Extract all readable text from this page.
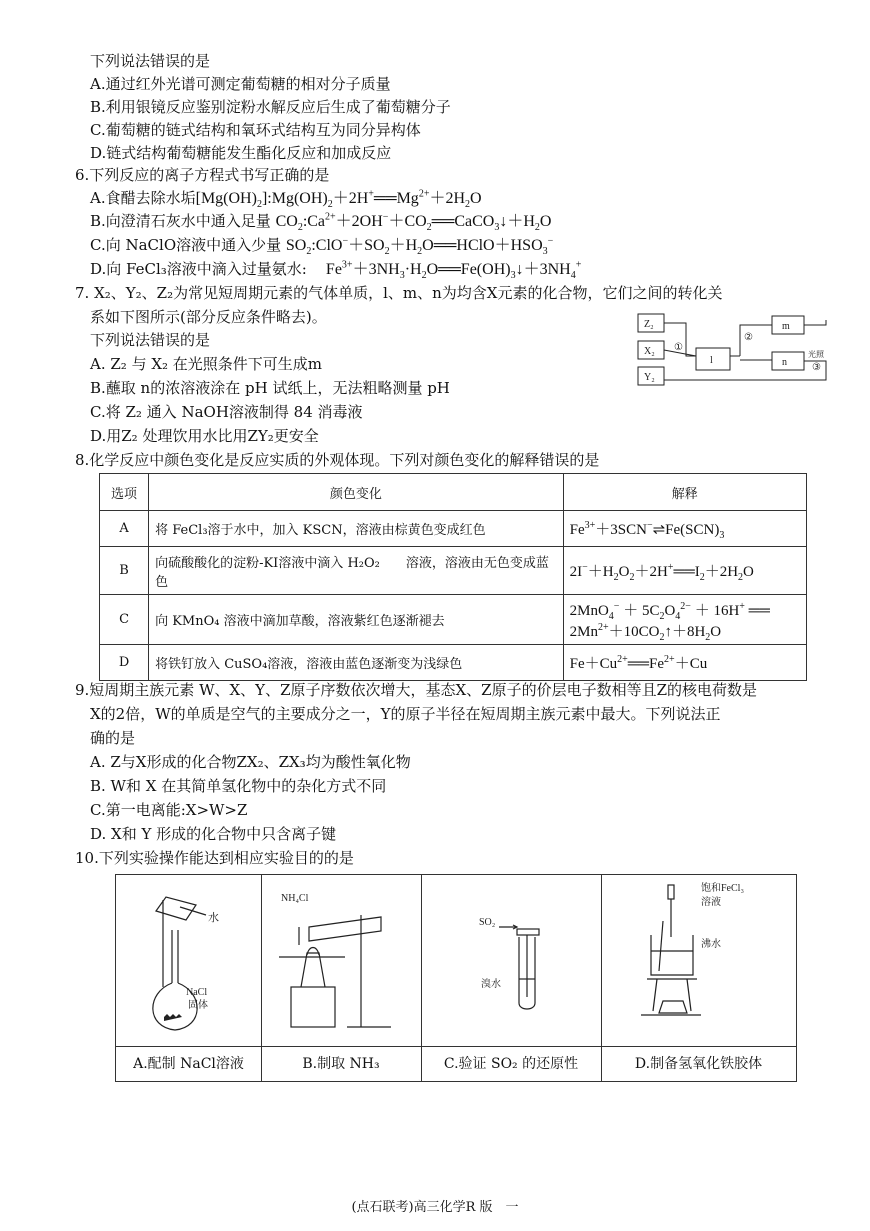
下列说法错误的是
A.通过红外光谱可测定葡萄糖的相对分子质量
B.利用银镜反应鉴别淀粉水解反应后生成了葡萄糖分子
C.葡萄糖的链式结构和氧环式结构互为同分异构体
D.链式结构葡萄糖能发生酯化反应和加成反应
6.下列反应的离子方程式书写正确的是
A.食醋去除水垢$[Mg(OH)_2]:Mg(OH)_2+2H^+══Mg^{2+}+2H_2O$
B.向澄清石灰水中通入足量 $CO_2:Ca^{2+}+2OH^-+CO_2══CaCO_3↓+H_2O$
C.向 NaClO溶液中通入少量 $SO_2:ClO^-+SO_2+H_2O══HClO+HSO_3^-$
D.向 FeCl₃溶液中滴入过量氨水: $Fe^{3+}+3NH_3\cdot H_2O══Fe(OH)_3↓+3NH_4^+$
7. X₂、Y₂、Z₂为常见短周期元素的气体单质，l、m、n为均含X元素的化合物，它们之间的转化关
系如下图所示(部分反应条件略去)。
下列说法错误的是
A. Z₂ 与 X₂ 在光照条件下可生成m
B.蘸取 n的浓溶液涂在 pH 试纸上，无法粗略测量 pH
C.将 Z₂ 通入 NaOH溶液制得 84 消毒液
D.用Z₂ 处理饮用水比用ZY₂更安全
Z₂
X₂
Y₂
l
m
n
①
②
光照
③
8.化学反应中颜色变化是反应实质的外观体现。下列对颜色变化的解释错误的是
选项	颜色变化	解释
A	将 FeCl₃溶于水中，加入 KSCN，溶液由棕黄色变成红色	$Fe^{3+}+3SCN^-\rightleftharpoons Fe(SCN)_3$
B	向硫酸酸化的淀粉-KI溶液中滴入 H₂O₂　　溶液，溶液由无色变成蓝色	$2I^-+H_2O_2+2H^+══I_2+2H_2O$
C	向 KMnO₄ 溶液中滴加草酸，溶液紫红色逐渐褪去	$2MnO_4^- + 5C_2O_4^{2-} + 16H^+$ ══
$2Mn^{2+}+10CO_2↑+8H_2O$
D	将铁钉放入 CuSO₄溶液，溶液由蓝色逐渐变为浅绿色	$Fe+Cu^{2+}══Fe^{2+}+Cu$
9.短周期主族元素 W、X、Y、Z原子序数依次增大，基态X、Z原子的价层电子数相等且Z的核电荷数是
X的2倍，W的单质是空气的主要成分之一，Y的原子半径在短周期主族元素中最大。下列说法正
确的是
A. Z与X形成的化合物ZX₂、ZX₃均为酸性氧化物
B. W和 X 在其简单氢化物中的杂化方式不同
C.第一电离能:X>W>Z
D. X和 Y 形成的化合物中只含离子键
10.下列实验操作能达到相应实验目的的是
水
NaCl
固体
A.配制 NaCl溶液
NH₄Cl
B.制取 NH₃
SO₂
溴水
C.验证 SO₂ 的还原性
饱和FeCl₃
溶液
沸水
D.制备氢氧化铁胶体
(点石联考)高三化学R 版　一
